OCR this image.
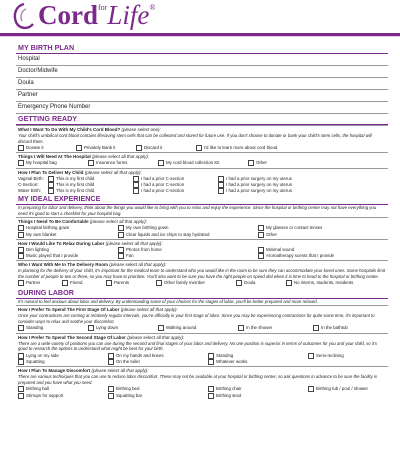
Cord$^{for}$Life®
MY BIRTH PLAN
Hospital
Doctor/Midwife
Doula
Partner
Emergency Phone Number
GETTING READY
What I Want To Do With My Child's Cord Blood? (please select one):
Your child's umbilical cord blood contains lifesaving stem cells that can be collected and stored for future use. If you don't choose to donate or bank your child's stem cells, the hospital will discard them.
Donate it	Privately Bank it	Discard it	I'd like to learn more about cord blood
Things I Will Need At The Hospital (please select all that apply):
My hospital bag	Insurance forms	My cord blood collection Kit	Other
How I Plan To Deliver My Child (please select all that apply):
Vaginal Birth:	This is my first child	I had a prior C-section	I had a prior surgery on my uterus
C-Section:	This is my first child	I had a prior C-section	I had a prior surgery on my uterus
Water Birth:	This is my first child	I had a prior C-section	I had a prior surgery on my uterus
MY IDEAL EXPERIENCE
In preparing for labor and delivery, think about the things you would like to bring with you to relax and enjoy the experience. Since the hospital or birthing center may not have everything you need it's good to start a checklist for your hospital bag.
Things I Need To Be Comfortable (please select all that apply):
Hospital birthing gown	My own birthing gown	My glasses or contact lenses
My own blanket	Clear liquids and ice chips to stay hydrated	Other
How I Would Like To Relax During Labor (please select all that apply):
Dim lighting	Photos from home	Minimal sound
Music played that I provide	Fan	Aromatherapy scents that I provide
Who I Want With Me In The Delivery Room (please select all that apply):
In planning for the delivery of your child, it's important for the medical team to understand who you would like in the room to be sure they can accommodate your loved ones. Some hospitals limit the number of people to two or three, so you may have to prioritize. You'll also want to be sure you have the right people on speed dial when it is time to head to the hospital or birthing center.
Partner	Friend	Parents	Other family member	Doula	No interns, students, residents
DURING LABOR
It's natural to feel anxious about labor and delivery. By understanding some of your choices for the stages of labor, you'll be better prepared and more relaxed.
How I Prefer To Spend The First Stage Of Labor (please select all that apply):
Once your contractions are coming at relatively regular intervals, you're officially in your first stage of labor. Since you may be experiencing contractions for quite some time, it's important to consider ways to relax and soothe your discomfort.
Standing	Lying down	Walking around	In the shower	In the bathtub
How I Prefer To Spend The Second Stage Of Labor (please select all that apply):
There are a wide variety of positions you can use during the second and final stages of your labor and delivery. No one position is superior in terms of outcomes for you and your child, so it's good to research the options to understand what might be best for your birth.
Lying on my side	On my hands and knees	Standing	Semi-reclining
Squatting	On the toilet	Whatever works
How I Plan To Manage Discomfort (please select all that apply):
There are various techniques that you can use to reduce labor discomfort. These may not be available at your hospital or birthing center, so ask questions in advance to be sure the facility is prepared and you have what you need.
Birthing ball	Birthing bed	Birthing chair	Birthing tub / pool / shower
Stirrups for support	Squatting bar	Birthing stool
